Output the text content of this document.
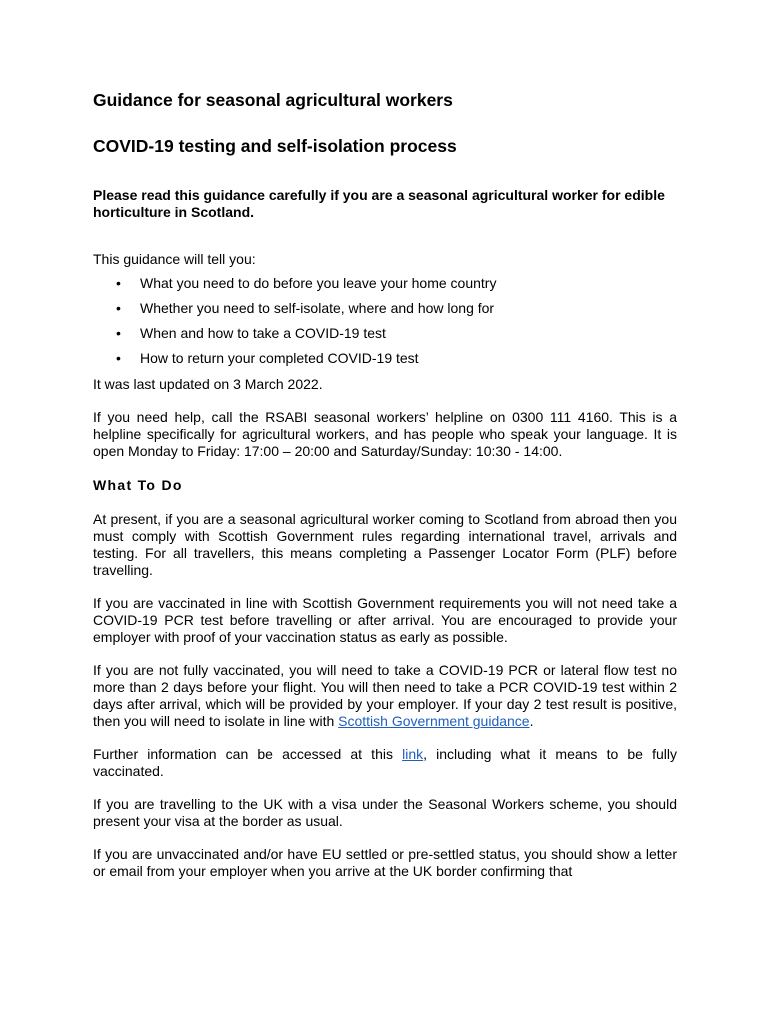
Guidance for seasonal agricultural workers
COVID-19 testing and self-isolation process

Please read this guidance carefully if you are a seasonal agricultural worker for edible horticulture in Scotland.

This guidance will tell you:

• What you need to do before you leave your home country
• Whether you need to self-isolate, where and how long for
• When and how to take a COVID-19 test
• How to return your completed COVID-19 test

It was last updated on 3 March 2022.

If you need help, call the RSABI seasonal workers’ helpline on 0300 111 4160. This is a helpline specifically for agricultural workers, and has people who speak your language. It is open Monday to Friday: 17:00 – 20:00 and Saturday/Sunday: 10:30 - 14:00.

What To Do

At present, if you are a seasonal agricultural worker coming to Scotland from abroad then you must comply with Scottish Government rules regarding international travel, arrivals and testing. For all travellers, this means completing a Passenger Locator Form (PLF) before travelling.

If you are vaccinated in line with Scottish Government requirements you will not need take a COVID-19 PCR test before travelling or after arrival. You are encouraged to provide your employer with proof of your vaccination status as early as possible.

If you are not fully vaccinated, you will need to take a COVID-19 PCR or lateral flow test no more than 2 days before your flight. You will then need to take a PCR COVID-19 test within 2 days after arrival, which will be provided by your employer. If your day 2 test result is positive, then you will need to isolate in line with Scottish Government guidance.

Further information can be accessed at this link, including what it means to be fully vaccinated.

If you are travelling to the UK with a visa under the Seasonal Workers scheme, you should present your visa at the border as usual.

If you are unvaccinated and/or have EU settled or pre-settled status, you should show a letter or email from your employer when you arrive at the UK border confirming that
